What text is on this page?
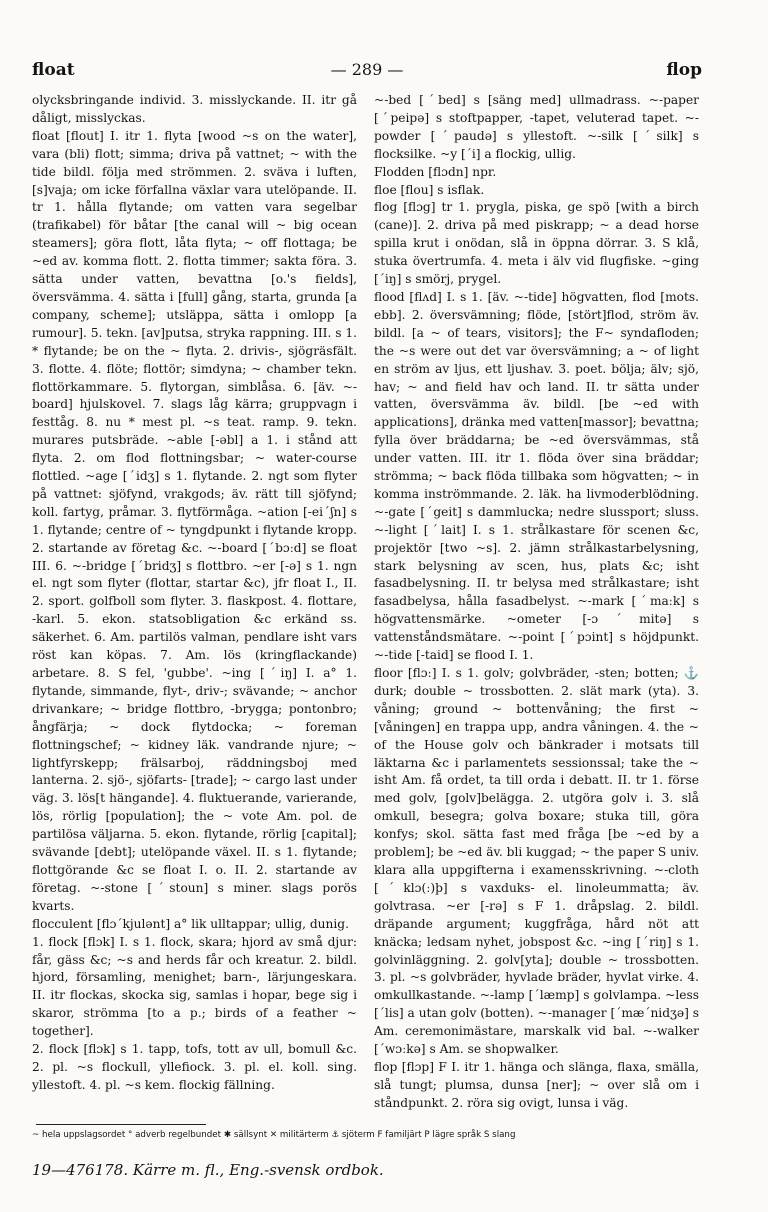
float	— 289 —	flop

olycksbringande individ. 3. misslyckande. II. itr gå dåligt, misslyckas.

float [flout] I. itr 1. flyta [wood ~s on the water], vara (bli) flott; simma; driva på vattnet; ~ with the tide bildl. följa med strömmen. 2. sväva i luften, [s]vaja; om icke förfallna växlar vara utelöpande. II. tr 1. hålla flytande; om vatten vara segelbar (trafikabel) för båtar [the canal will ~ big ocean steamers]; göra flott, låta flyta; ~ off flottaga; be ~ed av. komma flott. 2. flotta timmer; sakta föra. 3. sätta under vatten, bevattna [o.'s fields], översvämma. 4. sätta i [full] gång, starta, grunda [a company, scheme]; utsläppa, sätta i omlopp [a rumour]. 5. tekn. [av]putsa, stryka rappning. III. s 1. * flytande; be on the ~ flyta. 2. drivis-, sjögräsfält. 3. flotte. 4. flöte; flottör; simdyna; ~ chamber tekn. flottörkammare. 5. flytorgan, simblåsa. 6. [äv. ~-board] hjulskovel. 7. slags låg kärra; gruppvagn i festtåg. 8. nu * mest pl. ~s teat. ramp. 9. tekn. murares putsbräde. ~able [-əbl] a 1. i stånd att flyta. 2. om flod flottningsbar; ~ water-course flottled. ~age [ˊidʒ] s 1. flytande. 2. ngt som flyter på vattnet: sjöfynd, vrakgods; äv. rätt till sjöfynd; koll. fartyg, pråmar. 3. flytförmåga. ~ation [-eiˊʃn] s 1. flytande; centre of ~ tyngdpunkt i flytande kropp. 2. startande av företag &c. ~-board [ˊbɔːd] se float III. 6. ~-bridge [ˊbridʒ] s flottbro. ~er [-ə] s 1. ngn el. ngt som flyter (flottar, startar &c), jfr float I., II. 2. sport. golfboll som flyter. 3. flaskpost. 4. flottare, -karl. 5. ekon. statsobligation &c erkänd ss. säkerhet. 6. Am. partilös valman, pendlare isht vars röst kan köpas. 7. Am. lös (kringflackande) arbetare. 8. S fel, 'gubbe'. ~ing [ˊiŋ] I. a° 1. flytande, simmande, flyt-, driv-; svävande; ~ anchor drivankare; ~ bridge flottbro, -brygga; pontonbro; ångfärja; ~ dock flytdocka; ~ foreman flottningschef; ~ kidney läk. vandrande njure; ~ lightfyrskepp; frälsarboj, räddningsboj med lanterna. 2. sjö-, sjöfarts- [trade]; ~ cargo last under väg. 3. lös[t hängande]. 4. fluktuerande, varierande, lös, rörlig [population]; the ~ vote Am. pol. de partilösa väljarna. 5. ekon. flytande, rörlig [capital]; svävande [debt]; utelöpande växel. II. s 1. flytande; flottgörande &c se float I. o. II. 2. startande av företag. ~-stone [ˊstoun] s miner. slags porös kvarts.

flocculent [flɔˊkjulənt] a° lik ulltappar; ullig, dunig.

1. flock [flɔk] I. s 1. flock, skara; hjord av små djur: får, gäss &c; ~s and herds får och kreatur. 2. bildl. hjord, församling, menighet; barn-, lärjungeskara. II. itr flockas, skocka sig, samlas i hopar, bege sig i skaror, strömma [to a p.; birds of a feather ~ together].

2. flock [flɔk] s 1. tapp, tofs, tott av ull, bomull &c. 2. pl. ~s flockull, yllefiock. 3. pl. el. koll. sing. yllestoft. 4. pl. ~s kem. flockig fällning.

~-bed [ˊbed] s [säng med] ullmadrass. ~-paper [ˊpeipə] s stoftpapper, -tapet, veluterad tapet. ~-powder [ˊpaudə] s yllestoft. ~-silk [ˊsilk] s flocksilke. ~y [ˊi] a flockig, ullig.

Flodden [flɔdn] npr.

floe [flou] s isflak.

flog [flɔg] tr 1. prygla, piska, ge spö [with a birch (cane)]. 2. driva på med piskrapp; ~ a dead horse spilla krut i onödan, slå in öppna dörrar. 3. S klå, stuka övertrumfa. 4. meta i älv vid flugfiske. ~ging [ˊiŋ] s smörj, prygel.

flood [flʌd] I. s 1. [äv. ~-tide] högvatten, flod [mots. ebb]. 2. översvämning; flöde, [stört]flod, ström äv. bildl. [a ~ of tears, visitors]; the F~ syndafloden; the ~s were out det var översvämning; a ~ of light en ström av ljus, ett ljushav. 3. poet. bölja; älv; sjö, hav; ~ and field hav och land. II. tr sätta under vatten, översvämma äv. bildl. [be ~ed with applications], dränka med vatten[massor]; bevattna; fylla över bräddarna; be ~ed översvämmas, stå under vatten. III. itr 1. flöda över sina bräddar; strömma; ~ back flöda tillbaka som högvatten; ~ in komma inströmmande. 2. läk. ha livmoderblödning. ~-gate [ˊgeit] s dammlucka; nedre slussport; sluss. ~-light [ˊlait] I. s 1. strålkastare för scenen &c, projektör [two ~s]. 2. jämn strålkastarbelysning, stark belysning av scen, hus, plats &c; isht fasadbelysning. II. tr belysa med strålkastare; isht fasadbelysa, hålla fasadbelyst. ~-mark [ˊmaːk] s högvattensmärke. ~ometer [-ɔˊmitə] s vattenståndsmätare. ~-point [ˊpɔint] s höjdpunkt. ~-tide [-taid] se flood I. 1.

floor [flɔː] I. s 1. golv; golvbräder, -sten; botten; ⚓ durk; double ~ trossbotten. 2. slät mark (yta). 3. våning; ground ~ bottenvåning; the first ~ [våningen] en trappa upp, andra våningen. 4. the ~ of the House golv och bänkrader i motsats till läktarna &c i parlamentets sessionssal; take the ~ isht Am. få ordet, ta till orda i debatt. II. tr 1. förse med golv, [golv]belägga. 2. utgöra golv i. 3. slå omkull, besegra; golva boxare; stuka till, göra konfys; skol. sätta fast med fråga [be ~ed by a problem]; be ~ed äv. bli kuggad; ~ the paper S univ. klara alla uppgifterna i examensskrivning. ~-cloth [ˊklɔ(ː)þ] s vaxduks- el. linoleummatta; äv. golvtrasa. ~er [-rə] s F 1. dråpslag. 2. bildl. dräpande argument; kuggfråga, hård nöt att knäcka; ledsam nyhet, jobspost &c. ~ing [ˊriŋ] s 1. golvinläggning. 2. golv[yta]; double ~ trossbotten. 3. pl. ~s golvbräder, hyvlade bräder, hyvlat virke. 4. omkullkastande. ~-lamp [ˊlæmp] s golvlampa. ~less [ˊlis] a utan golv (botten). ~-manager [ˊmæˊnidʒə] s Am. ceremonimästare, marskalk vid bal. ~-walker [ˊwɔːkə] s Am. se shopwalker.

flop [flɔp] F I. itr 1. hänga och slänga, flaxa, smälla, slå tungt; plumsa, dunsa [ner]; ~ over slå om i ståndpunkt. 2. röra sig ovigt, lunsa i väg.

~ hela uppslagsordet ° adverb regelbundet ✱ sällsynt ✕ militärterm ⚓ sjöterm F familjärt P lägre språk S slang
19—476178. Kärre m. fl., Eng.-svensk ordbok.
